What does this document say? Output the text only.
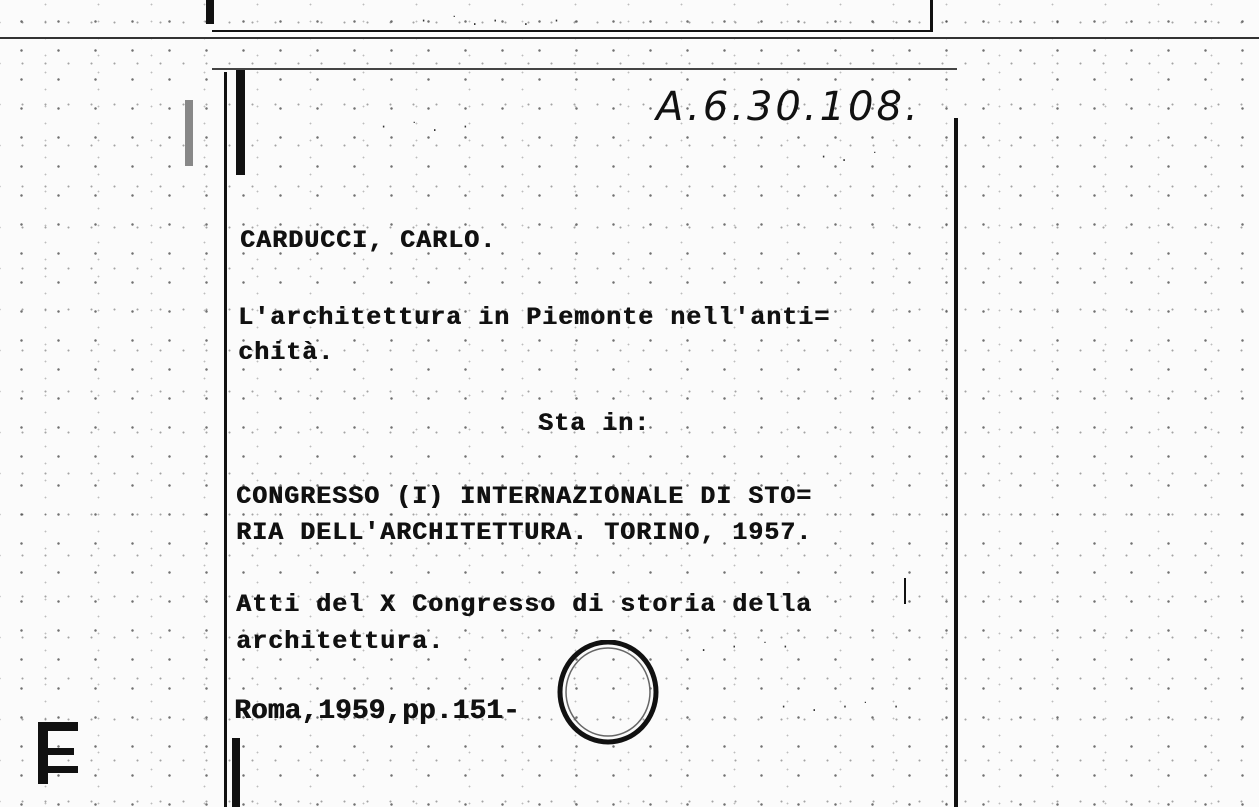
A.6.30.108.
CARDUCCI, CARLO.
L'architettura in Piemonte nell'anti=
chità.
Sta in:
CONGRESSO (I) INTERNAZIONALE DI STO=
RIA DELL'ARCHITETTURA. TORINO, 1957.
Atti del X Congresso di storia della
architettura.
Roma,1959,pp.151-
·  ˙ .  ·
· .  ˙
.  ·  ˙ ·
·  .  · ˙  ·
·  ˙ . ·  .  ·
